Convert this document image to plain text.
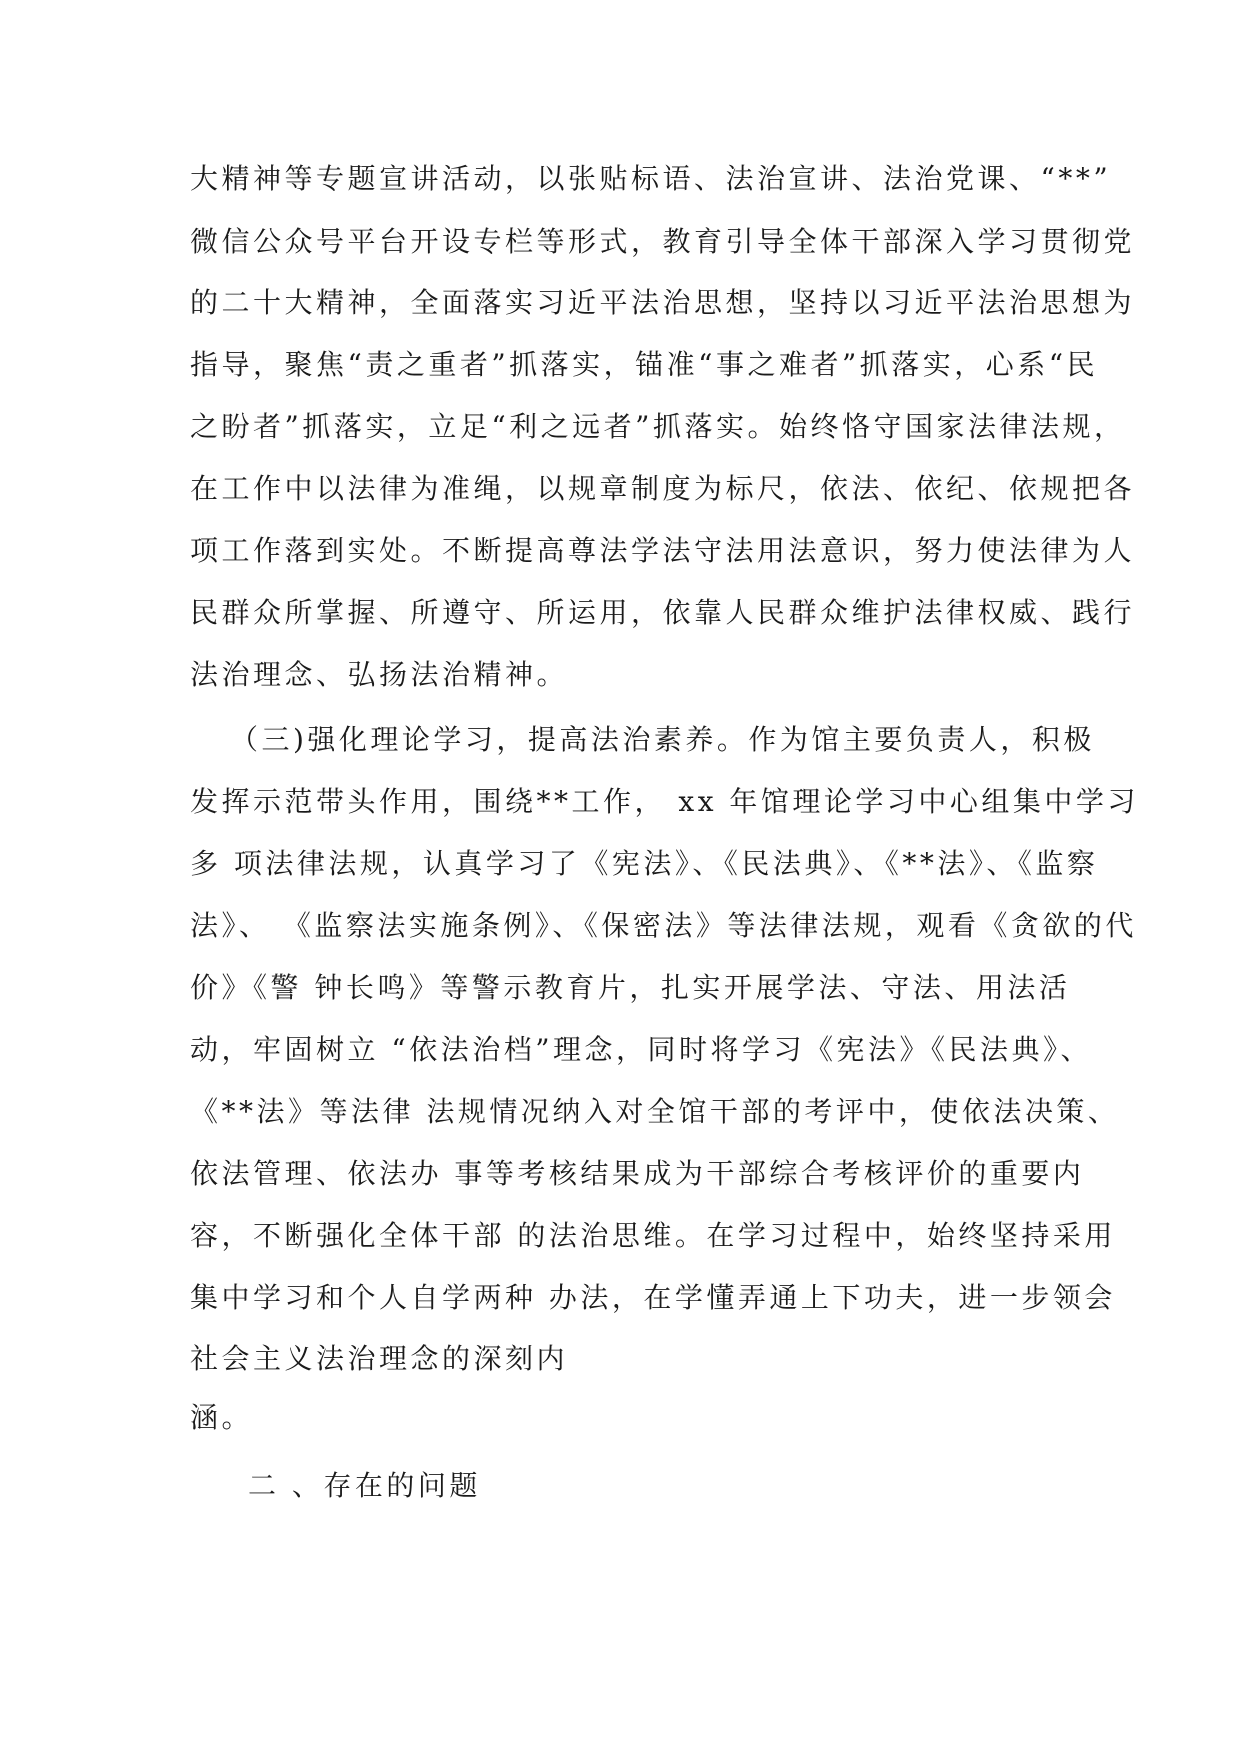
大精神等专题宣讲活动，以张贴标语、法治宣讲、法治党课、“**”
微信公众号平台开设专栏等形式，教育引导全体干部深入学习贯彻党
的二十大精神，全面落实习近平法治思想，坚持以习近平法治思想为
指导，聚焦“责之重者”抓落实，锚准“事之难者”抓落实，心系“民
之盼者”抓落实，立足“利之远者”抓落实。始终恪守国家法律法规，
在工作中以法律为准绳，以规章制度为标尺，依法、依纪、依规把各
项工作落到实处。不断提高尊法学法守法用法意识，努力使法律为人
民群众所掌握、所遵守、所运用，依靠人民群众维护法律权威、践行
法治理念、弘扬法治精神。
（三)强化理论学习，提高法治素养。作为馆主要负责人，积极
发挥示范带头作用，围绕**工作， xx 年馆理论学习中心组集中学习
多 项法律法规，认真学习了《宪法》、《民法典》、《**法》、《监察
法》、 《监察法实施条例》、《保密法》等法律法规，观看《贪欲的代
价》《警 钟长鸣》等警示教育片，扎实开展学法、守法、用法活
动，牢固树立 “依法治档”理念，同时将学习《宪法》《民法典》、
《**法》等法律 法规情况纳入对全馆干部的考评中，使依法决策、
依法管理、依法办 事等考核结果成为干部综合考核评价的重要内
容，不断强化全体干部 的法治思维。在学习过程中，始终坚持采用
集中学习和个人自学两种 办法，在学懂弄通上下功夫，进一步领会
社会主义法治理念的深刻内
涵。
二 、存在的问题
